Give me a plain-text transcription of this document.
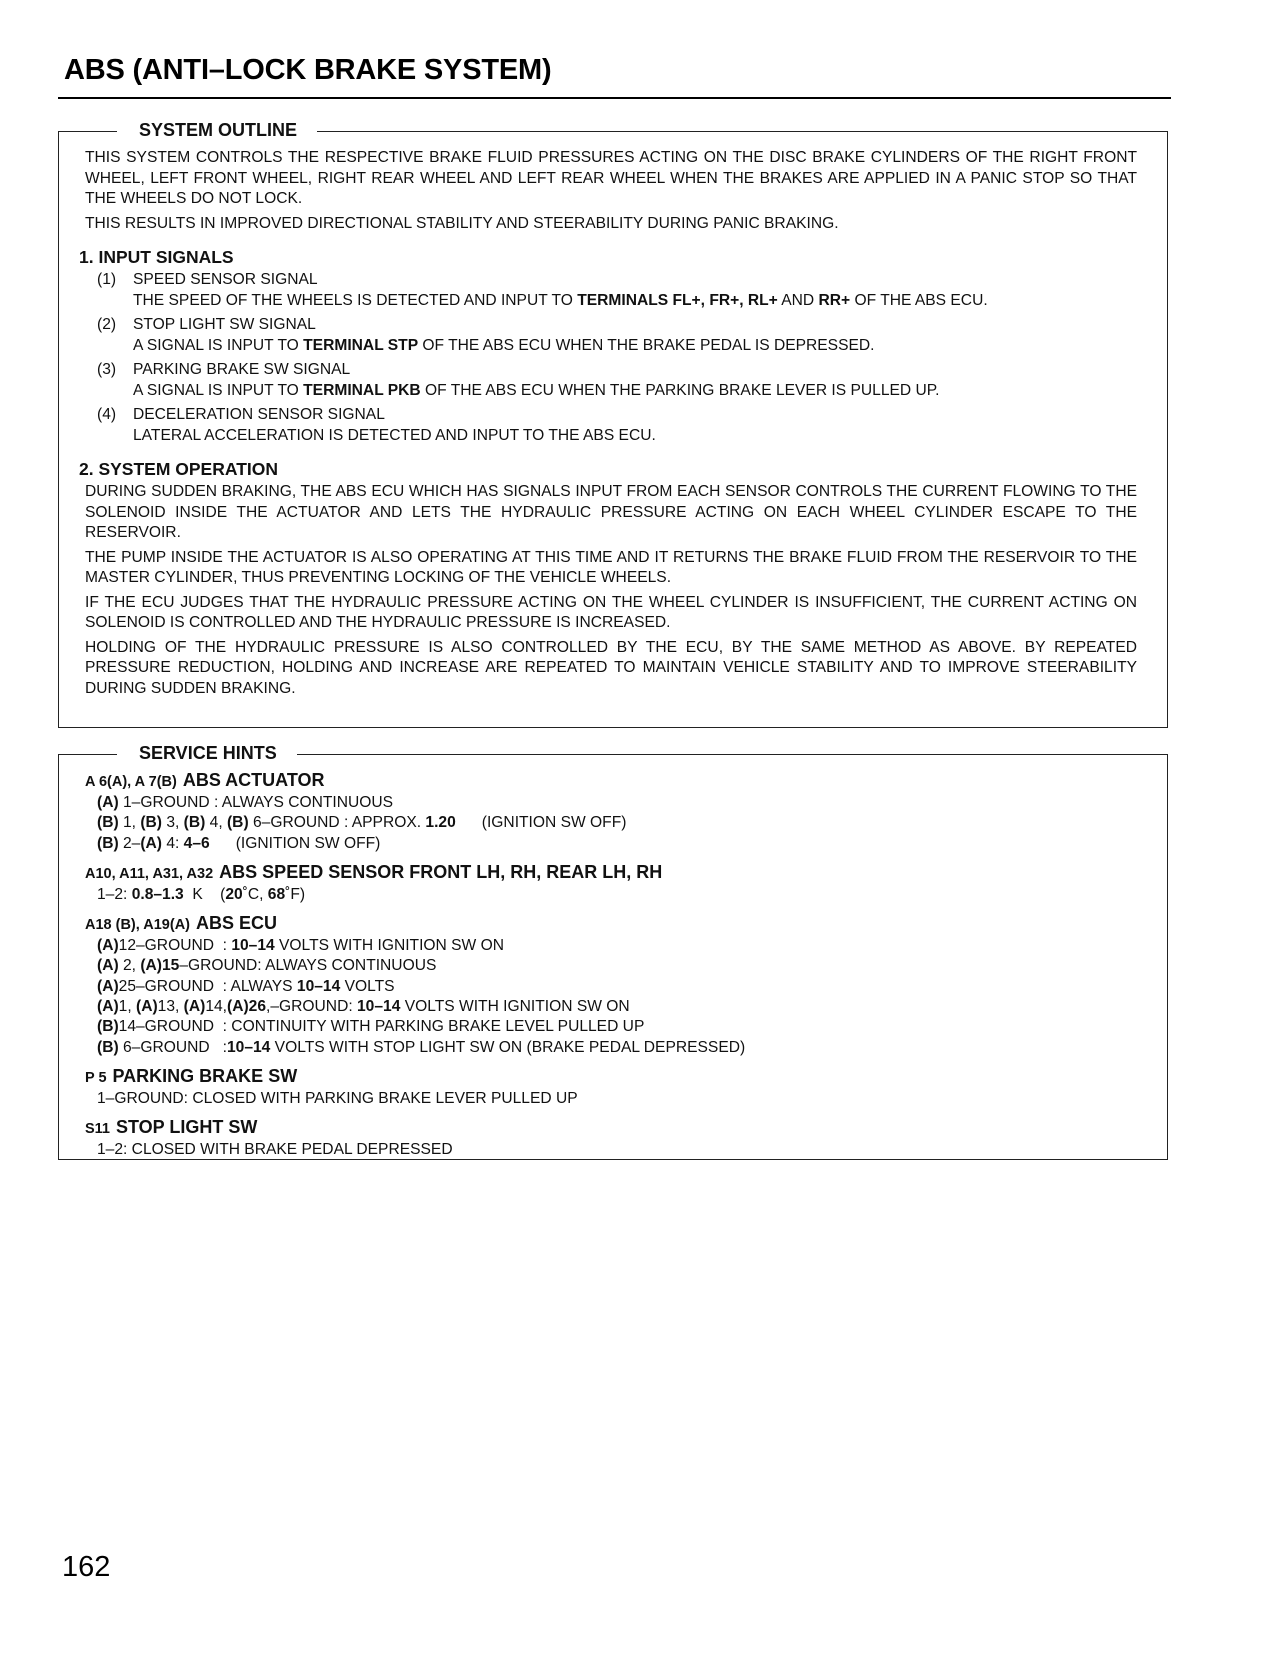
ABS (ANTI–LOCK BRAKE SYSTEM)
SYSTEM OUTLINE

THIS SYSTEM CONTROLS THE RESPECTIVE BRAKE FLUID PRESSURES ACTING ON THE DISC BRAKE CYLINDERS OF THE RIGHT FRONT WHEEL, LEFT FRONT WHEEL, RIGHT REAR WHEEL AND LEFT REAR WHEEL WHEN THE BRAKES ARE APPLIED IN A PANIC STOP SO THAT THE WHEELS DO NOT LOCK.

THIS RESULTS IN IMPROVED DIRECTIONAL STABILITY AND STEERABILITY DURING PANIC BRAKING.

1. INPUT SIGNALS
(1)	SPEED SENSOR SIGNAL
THE SPEED OF THE WHEELS IS DETECTED AND INPUT TO TERMINALS FL+, FR+, RL+ AND RR+ OF THE ABS ECU.
(2)	STOP LIGHT SW SIGNAL
A SIGNAL IS INPUT TO TERMINAL STP OF THE ABS ECU WHEN THE BRAKE PEDAL IS DEPRESSED.
(3)	PARKING BRAKE SW SIGNAL
A SIGNAL IS INPUT TO TERMINAL PKB OF THE ABS ECU WHEN THE PARKING BRAKE LEVER IS PULLED UP.
(4)	DECELERATION SENSOR SIGNAL
LATERAL ACCELERATION IS DETECTED AND INPUT TO THE ABS ECU.
2. SYSTEM OPERATION

DURING SUDDEN BRAKING, THE ABS ECU WHICH HAS SIGNALS INPUT FROM EACH SENSOR CONTROLS THE CURRENT FLOWING TO THE SOLENOID INSIDE THE ACTUATOR AND LETS THE HYDRAULIC PRESSURE ACTING ON EACH WHEEL CYLINDER ESCAPE TO THE RESERVOIR.

THE PUMP INSIDE THE ACTUATOR IS ALSO OPERATING AT THIS TIME AND IT RETURNS THE BRAKE FLUID FROM THE RESERVOIR TO THE MASTER CYLINDER, THUS PREVENTING LOCKING OF THE VEHICLE WHEELS.

IF THE ECU JUDGES THAT THE HYDRAULIC PRESSURE ACTING ON THE WHEEL CYLINDER IS INSUFFICIENT, THE CURRENT ACTING ON SOLENOID IS CONTROLLED AND THE HYDRAULIC PRESSURE IS INCREASED.

HOLDING OF THE HYDRAULIC PRESSURE IS ALSO CONTROLLED BY THE ECU, BY THE SAME METHOD AS ABOVE. BY REPEATED PRESSURE REDUCTION, HOLDING AND INCREASE ARE REPEATED TO MAINTAIN VEHICLE STABILITY AND TO IMPROVE STEERABILITY DURING SUDDEN BRAKING.

SERVICE HINTS
A 6(A), A 7(B) ABS ACTUATOR
(A) 1–GROUND : ALWAYS CONTINUOUS
(B) 1, (B) 3, (B) 4, (B) 6–GROUND : APPROX. 1.20      (IGNITION SW OFF)
(B) 2–(A) 4: 4–6      (IGNITION SW OFF)
A10, A11, A31, A32 ABS SPEED SENSOR FRONT LH, RH, REAR LH, RH
1–2: 0.8–1.3  K    (20˚C, 68˚F)
A18 (B), A19(A) ABS ECU
(A)12–GROUND  : 10–14 VOLTS WITH IGNITION SW ON
(A) 2, (A)15–GROUND: ALWAYS CONTINUOUS
(A)25–GROUND  : ALWAYS 10–14 VOLTS
(A)1, (A)13, (A)14,(A)26,–GROUND: 10–14 VOLTS WITH IGNITION SW ON
(B)14–GROUND  : CONTINUITY WITH PARKING BRAKE LEVEL PULLED UP
(B) 6–GROUND   :10–14 VOLTS WITH STOP LIGHT SW ON (BRAKE PEDAL DEPRESSED)
P 5 PARKING BRAKE SW
1–GROUND: CLOSED WITH PARKING BRAKE LEVER PULLED UP
S11 STOP LIGHT SW
1–2: CLOSED WITH BRAKE PEDAL DEPRESSED
162
